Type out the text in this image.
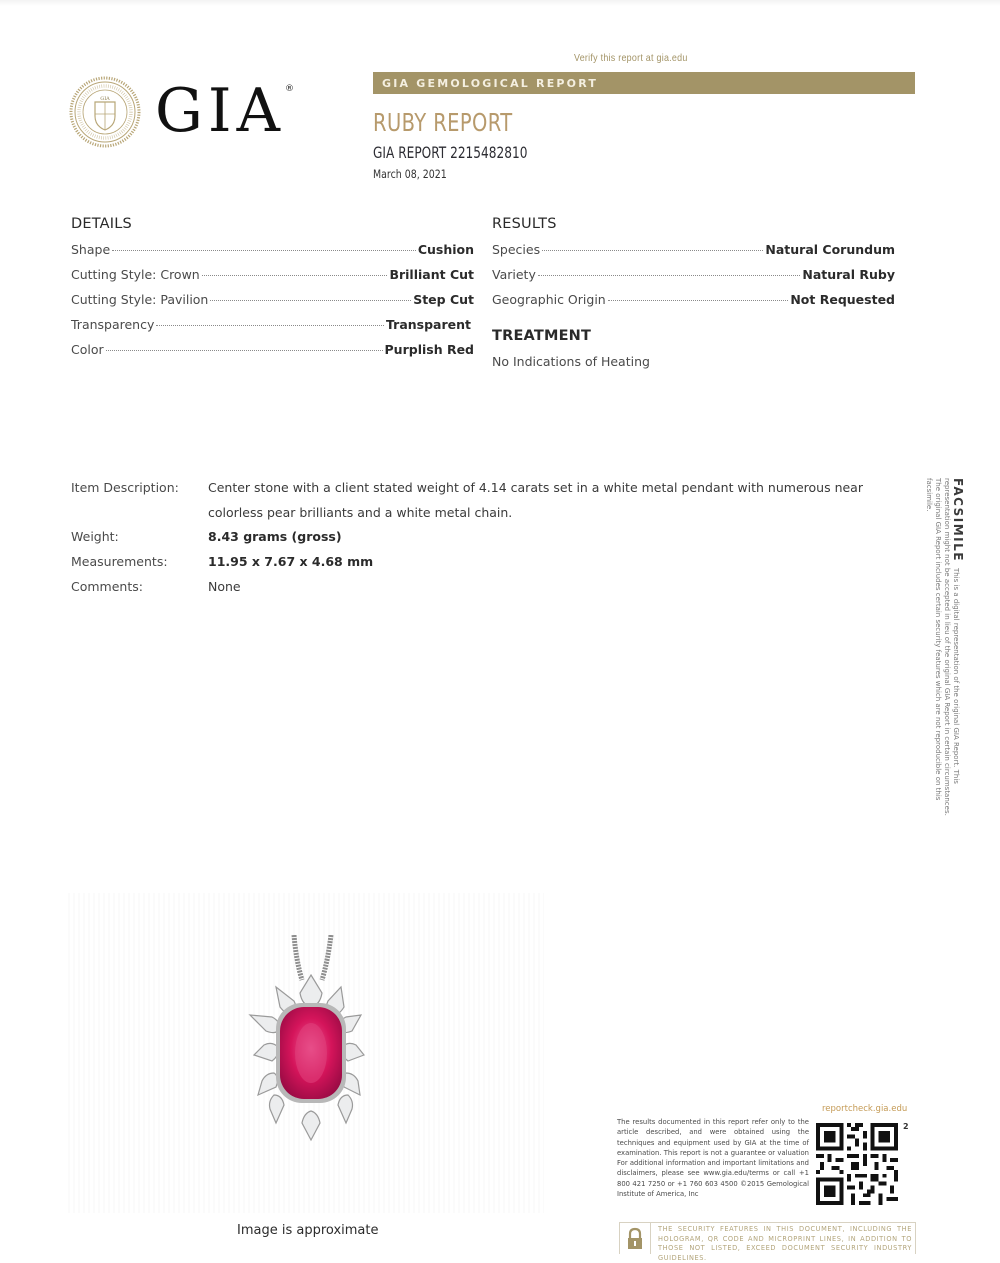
GIA GIA ®
Verify this report at gia.edu
GIA GEMOLOGICAL REPORT
RUBY REPORT
GIA REPORT 2215482810
March 08, 2021
DETAILS
Shape	Cushion
Cutting Style: Crown	Brilliant Cut
Cutting Style: Pavilion	Step Cut
Transparency	Transparent
Color	Purplish Red
RESULTS
Species	Natural Corundum
Variety	Natural Ruby
Geographic Origin	Not Requested
TREATMENT
No Indications of Heating
Item Description: Center stone with a client stated weight of 4.14 carats set in a white metal pendant with numerous near colorless pear brilliants and a white metal chain.
Weight:	8.43 grams (gross)
Measurements:	11.95 x 7.67 x 4.68 mm
Comments:	None
FACSIMILEThis is a digital representation of the original GIA Report. This representation might not be accepted in lieu of the original GIA Report in certain circumstances. The original GIA Report includes certain security features which are not reproducible on this facsimile.
Image is approximate
The results documented in this report refer only to the article described, and were obtained using the techniques and equipment used by GIA at the time of examination. This report is not a guarantee or valuation For additional information and important limitations and disclaimers, please see www.gia.edu/terms or call +1 800 421 7250 or +1 760 603 4500 ©2015 Gemological Institute of America, Inc
reportcheck.gia.edu
2
THE SECURITY FEATURES IN THIS DOCUMENT, INCLUDING THE HOLOGRAM, QR CODE AND MICROPRINT LINES, IN ADDITION TO THOSE NOT LISTED, EXCEED DOCUMENT SECURITY INDUSTRY GUIDELINES.
